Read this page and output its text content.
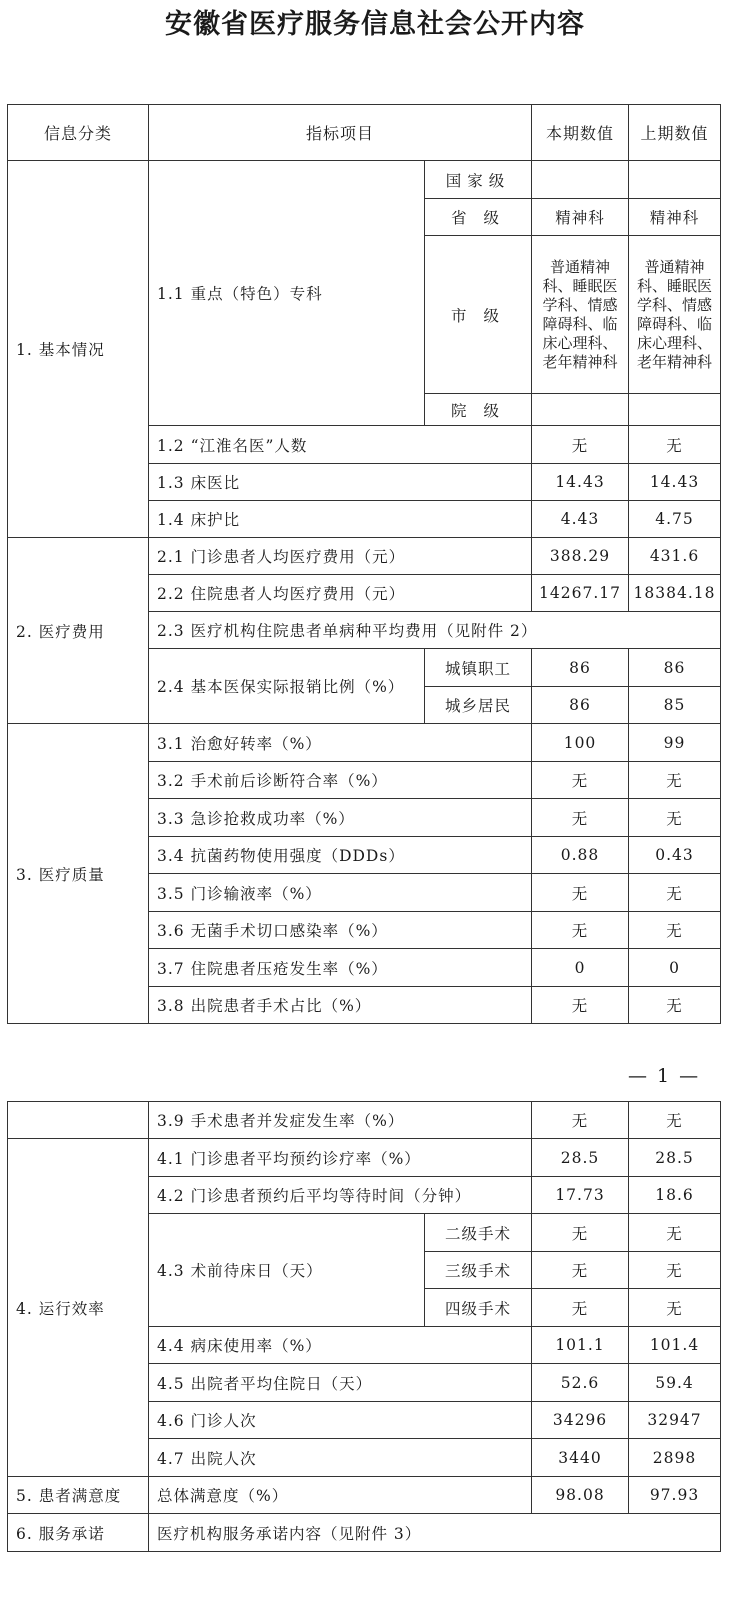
安徽省医疗服务信息社会公开内容
信息分类	指标项目		本期数值	上期数值
1. 基本情况	1.1 重点（特色）专科	国家级		
		省 级	精神科	精神科
		市 级	普通精神科、睡眠医学科、情感障碍科、临床心理科、老年精神科	普通精神科、睡眠医学科、情感障碍科、临床心理科、老年精神科
		院 级		
	1.2 “江淮名医”人数		无	无
	1.3 床医比		14.43	14.43
	1.4 床护比		4.43	4.75
2. 医疗费用	2.1 门诊患者人均医疗费用（元）		388.29	431.6
	2.2 住院患者人均医疗费用（元）		14267.17	18384.18
	2.3 医疗机构住院患者单病种平均费用（见附件 2）			
	2.4 基本医保实际报销比例（%）	城镇职工	86	86
		城乡居民	86	85
3. 医疗质量	3.1 治愈好转率（%）		100	99
	3.2 手术前后诊断符合率（%）		无	无
	3.3 急诊抢救成功率（%）		无	无
	3.4 抗菌药物使用强度（DDDs）		0.88	0.43
	3.5 门诊输液率（%）		无	无
	3.6 无菌手术切口感染率（%）		无	无
	3.7 住院患者压疮发生率（%）		0	0
	3.8 出院患者手术占比（%）		无	无
— 1 —
	3.9 手术患者并发症发生率（%）		无	无
4. 运行效率	4.1 门诊患者平均预约诊疗率（%）		28.5	28.5
	4.2 门诊患者预约后平均等待时间（分钟）		17.73	18.6
	4.3 术前待床日（天）	二级手术	无	无
		三级手术	无	无
		四级手术	无	无
	4.4 病床使用率（%）		101.1	101.4
	4.5 出院者平均住院日（天）		52.6	59.4
	4.6 门诊人次		34296	32947
	4.7 出院人次		3440	2898
5. 患者满意度	总体满意度（%）		98.08	97.93
6. 服务承诺	医疗机构服务承诺内容（见附件 3）			
